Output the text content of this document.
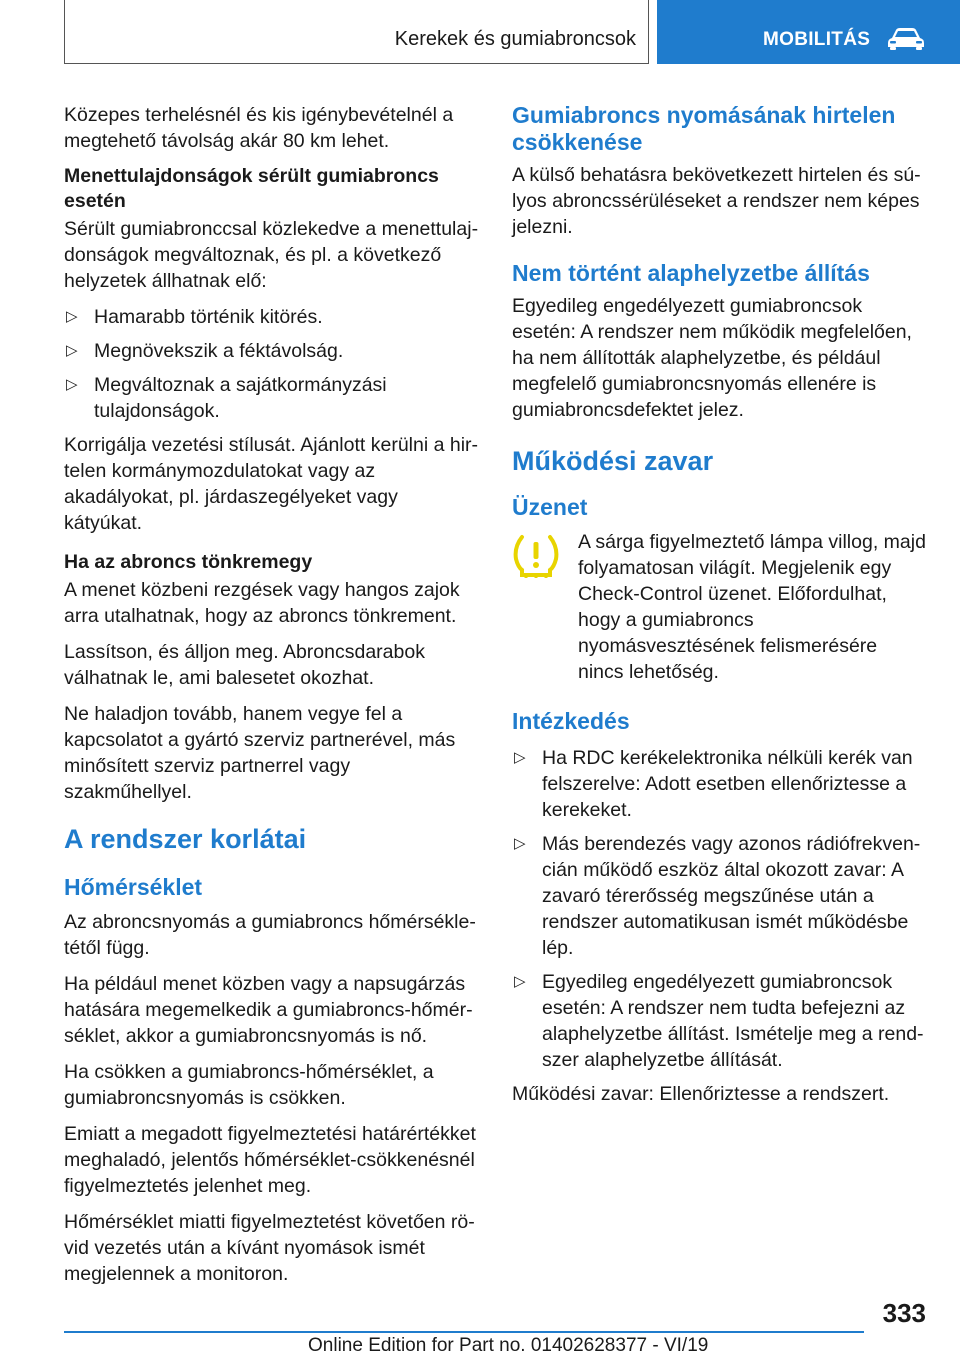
Kerekek és gumiabroncsok	MOBILITÁS

Közepes terhelésnél és kis igénybevételnél a megtehető távolság akár 80 km lehet.

Menettulajdonságok sérült gumiabroncs esetén

Sérült gumiabronccsal közlekedve a menettulajdonságok megváltoznak, és pl. a következő helyzetek állhatnak elő:

▷ Hamarabb történik kitörés.
▷ Megnövekszik a féktávolság.
▷ Megváltoznak a sajátkormányzási tulajdonságok.

Korrigálja vezetési stílusát. Ajánlott kerülni a hirtelen kormánymozdulatokat vagy az akadályokat, pl. járdaszegélyeket vagy kátyúkat.

Ha az abroncs tönkremegy

A menet közbeni rezgések vagy hangos zajok arra utalhatnak, hogy az abroncs tönkrement.

Lassítson, és álljon meg. Abroncsdarabok válhatnak le, ami balesetet okozhat.

Ne haladjon tovább, hanem vegye fel a kapcsolatot a gyártó szerviz partnerével, más minősített szerviz partnerrel vagy szakműhellyel.

A rendszer korlátai
Hőmérséklet

Az abroncsnyomás a gumiabroncs hőmérsékletétől függ.

Ha például menet közben vagy a napsugárzás hatására megemelkedik a gumiabroncs-hőmérséklet, akkor a gumiabroncsnyomás is nő.

Ha csökken a gumiabroncs-hőmérséklet, a gumiabroncsnyomás is csökken.

Emiatt a megadott figyelmeztetési határértékket meghaladó, jelentős hőmérséklet-csökkenésnél figyelmeztetés jelenhet meg.

Hőmérséklet miatti figyelmeztetést követően rövid vezetés után a kívánt nyomások ismét megjelennek a monitoron.

Gumiabroncs nyomásának hirtelen csökkenése

A külső behatásra bekövetkezett hirtelen és súlyos abroncssérüléseket a rendszer nem képes jelezni.

Nem történt alaphelyzetbe állítás

Egyedileg engedélyezett gumiabroncsok esetén: A rendszer nem működik megfelelően, ha nem állították alaphelyzetbe, és például megfelelő gumiabroncsnyomás ellenére is gumiabroncsdefektet jelez.

Működési zavar
Üzenet

A sárga figyelmeztető lámpa villog, majd folyamatosan világít. Megjelenik egy Check-Control üzenet. Előfordulhat, hogy a gumiabroncs nyomásvesztésének felismerésére nincs lehetőség.

Intézkedés
▷ Ha RDC kerékelektronika nélküli kerék van felszerelve: Adott esetben ellenőriztesse a kerekeket.
▷ Más berendezés vagy azonos rádiófrekvencián működő eszköz által okozott zavar: A zavaró térerősség megszűnése után a rendszer automatikusan ismét működésbe lép.
▷ Egyedileg engedélyezett gumiabroncsok esetén: A rendszer nem tudta befejezni az alaphelyzetbe állítást. Ismételje meg a rendszer alaphelyzetbe állítását.

Működési zavar: Ellenőriztesse a rendszert.

333
Online Edition for Part no. 01402628377 - VI/19
